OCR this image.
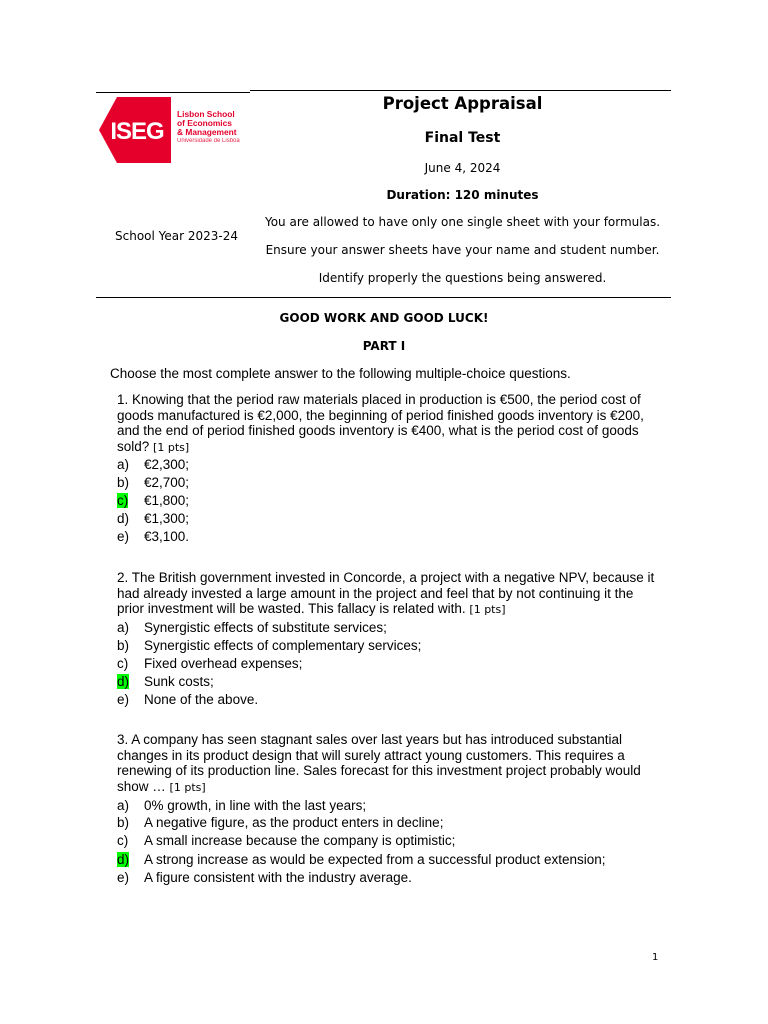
ISEG
Lisbon School
of Economics
& Management
Universidade de Lisboa
Project Appraisal
Final Test
June 4, 2024
Duration: 120 minutes
You are allowed to have only one single sheet with your formulas.
Ensure your answer sheets have your name and student number.
Identify properly the questions being answered.
School Year 2023-24
GOOD WORK AND GOOD LUCK!
PART I
Choose the most complete answer to the following multiple-choice questions.
1. Knowing that the period raw materials placed in production is €500, the period cost of goods manufactured is €2,000, the beginning of period finished goods inventory is €200, and the end of period finished goods inventory is €400, what is the period cost of goods sold? [1 pts]
a) €2,300;
b) €2,700;
c) €1,800;
d) €1,300;
e) €3,100.
2. The British government invested in Concorde, a project with a negative NPV, because it had already invested a large amount in the project and feel that by not continuing it the prior investment will be wasted. This fallacy is related with. [1 pts]
a) Synergistic effects of substitute services;
b) Synergistic effects of complementary services;
c) Fixed overhead expenses;
d) Sunk costs;
e) None of the above.
3. A company has seen stagnant sales over last years but has introduced substantial changes in its product design that will surely attract young customers. This requires a renewing of its production line. Sales forecast for this investment project probably would show … [1 pts]
a) 0% growth, in line with the last years;
b) A negative figure, as the product enters in decline;
c) A small increase because the company is optimistic;
d) A strong increase as would be expected from a successful product extension;
e) A figure consistent with the industry average.
1
